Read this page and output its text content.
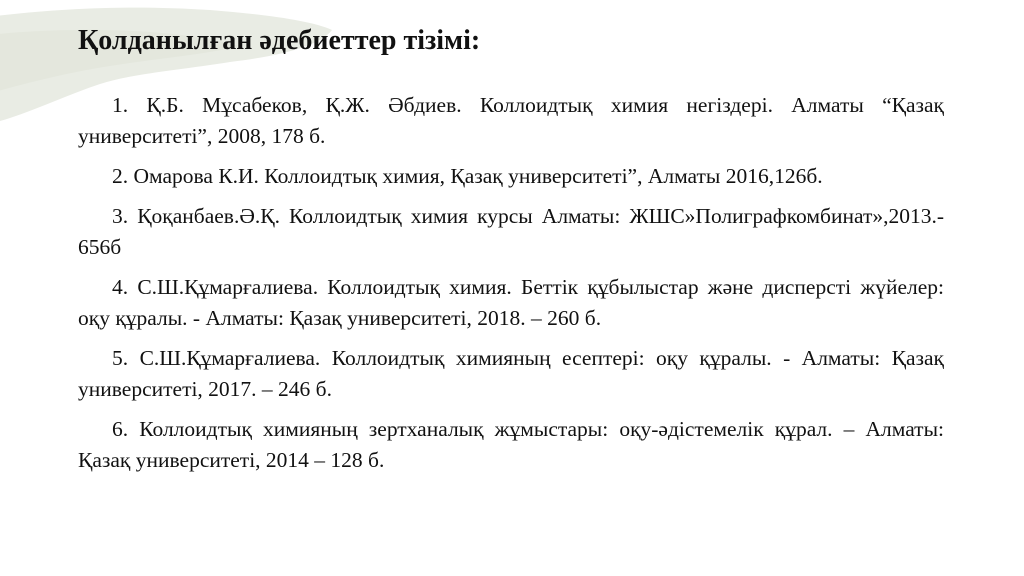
Қолданылған әдебиеттер тізімі:
1. Қ.Б. Мұсабеков, Қ.Ж. Әбдиев. Коллоидтық химия негіздері. Алматы “Қазақ университеті”, 2008, 178 б.
2. Омарова К.И. Коллоидтық химия, Қазақ университеті”, Алматы 2016,126б.
3. Қоқанбаев.Ә.Қ. Коллоидтық химия курсы Алматы: ЖШС»Полиграфкомбинат»,2013.- 656б
4. С.Ш.Құмарғалиева. Коллоидтық химия. Беттік құбылыстар және дисперсті жүйелер: оқу құралы. - Алматы: Қазақ университеті, 2018. – 260 б.
5. С.Ш.Құмарғалиева. Коллоидтық химияның есептері: оқу құралы. - Алматы: Қазақ университеті, 2017. – 246 б.
6. Коллоидтық химияның зертханалық жұмыстары: оқу-әдістемелік құрал. – Алматы: Қазақ университеті, 2014 – 128 б.
